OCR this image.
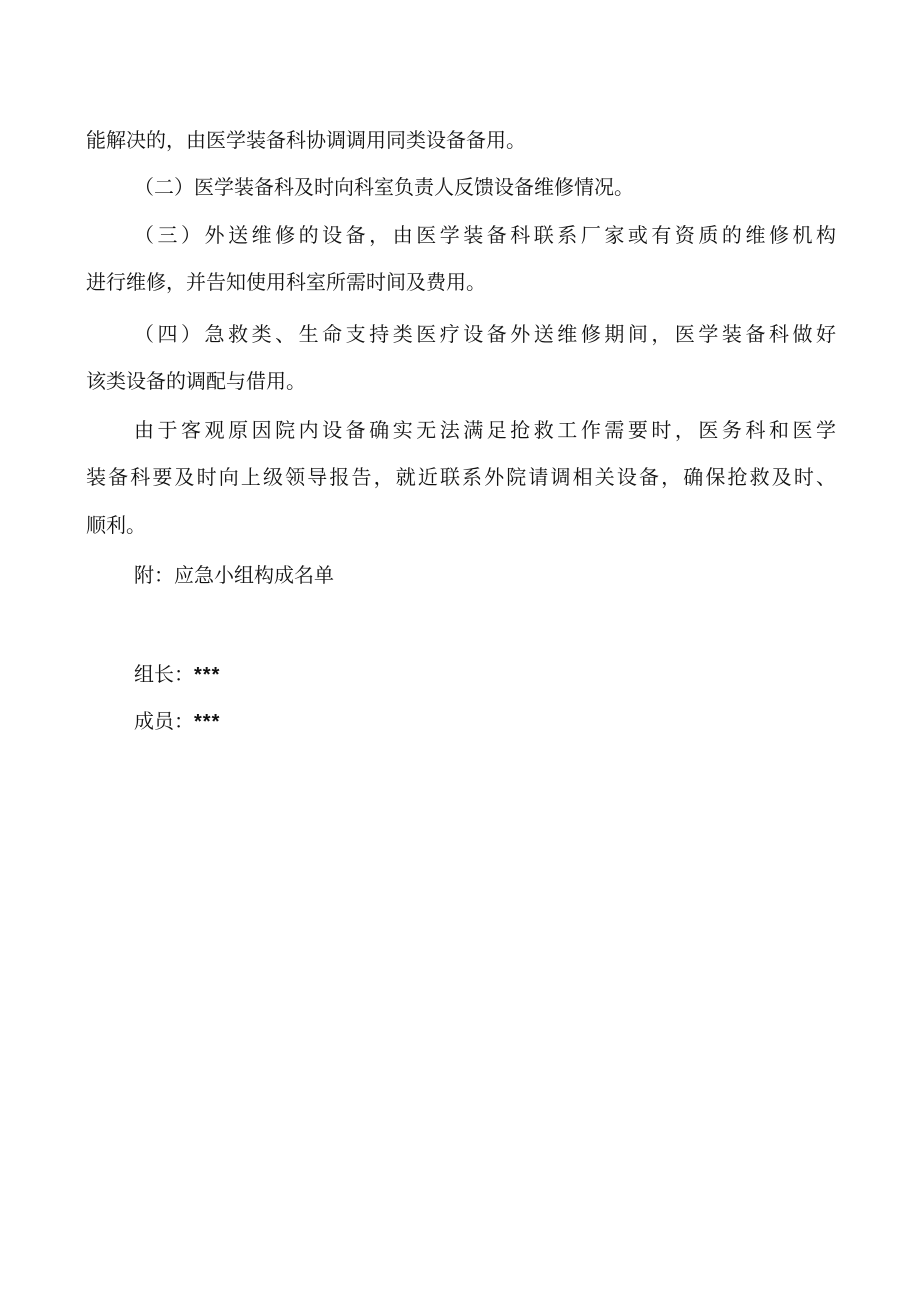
能解决的，由医学装备科协调调用同类设备备用。
（二）医学装备科及时向科室负责人反馈设备维修情况。
（三）外送维修的设备，由医学装备科联系厂家或有资质的维修机构
进行维修，并告知使用科室所需时间及费用。
（四）急救类、生命支持类医疗设备外送维修期间，医学装备科做好
该类设备的调配与借用。
由于客观原因院内设备确实无法满足抢救工作需要时，医务科和医学
装备科要及时向上级领导报告，就近联系外院请调相关设备，确保抢救及时、
顺利。
附：应急小组构成名单
组长：***
成员：***
